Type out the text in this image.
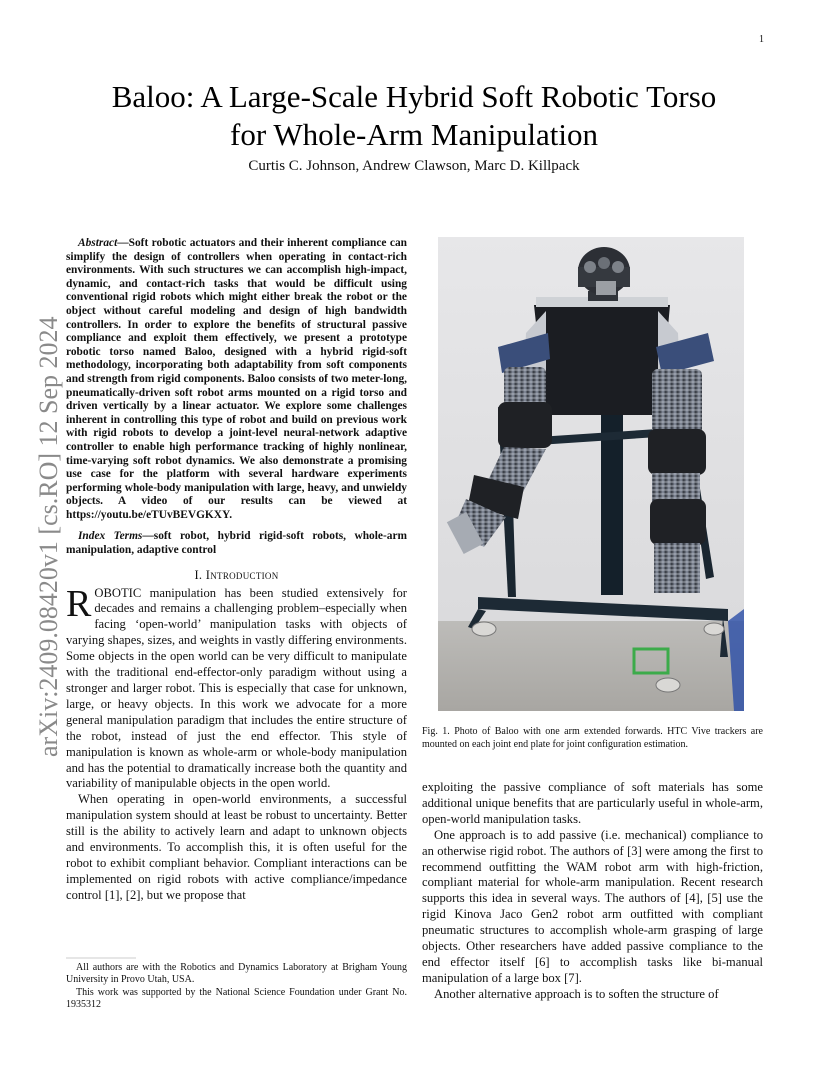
1
arXiv:2409.08420v1 [cs.RO] 12 Sep 2024
Baloo: A Large-Scale Hybrid Soft Robotic Torso
for Whole-Arm Manipulation
Curtis C. Johnson, Andrew Clawson, Marc D. Killpack

Abstract—Soft robotic actuators and their inherent compliance can simplify the design of controllers when operating in contact-rich environments. With such structures we can accomplish high-impact, dynamic, and contact-rich tasks that would be difficult using conventional rigid robots which might either break the robot or the object without careful modeling and design of high bandwidth controllers. In order to explore the benefits of structural passive compliance and exploit them effectively, we present a prototype robotic torso named Baloo, designed with a hybrid rigid-soft methodology, incorporating both adaptability from soft components and strength from rigid components. Baloo consists of two meter-long, pneumatically-driven soft robot arms mounted on a rigid torso and driven vertically by a linear actuator. We explore some challenges inherent in controlling this type of robot and build on previous work with rigid robots to develop a joint-level neural-network adaptive controller to enable high performance tracking of highly nonlinear, time-varying soft robot dynamics. We also demonstrate a promising use case for the platform with several hardware experiments performing whole-body manipulation with large, heavy, and unwieldy objects. A video of our results can be viewed at https://youtu.be/eTUvBEVGKXY.

Index Terms—soft robot, hybrid rigid-soft robots, whole-arm manipulation, adaptive control

I. Introduction

ROBOTIC manipulation has been studied extensively for decades and remains a challenging problem–especially when facing ‘open-world’ manipulation tasks with objects of varying shapes, sizes, and weights in vastly differing environments. Some objects in the open world can be very difficult to manipulate with the traditional end-effector-only paradigm without using a stronger and larger robot. This is especially that case for unknown, large, or heavy objects. In this work we advocate for a more general manipulation paradigm that includes the entire structure of the robot, instead of just the end effector. This style of manipulation is known as whole-arm or whole-body manipulation and has the potential to dramatically increase both the quantity and variability of manipulable objects in the open world.

When operating in open-world environments, a successful manipulation system should at least be robust to uncertainty. Better still is the ability to actively learn and adapt to unknown objects and environments. To accomplish this, it is often useful for the robot to exhibit compliant behavior. Compliant interactions can be implemented on rigid robots with active compliance/impedance control [1], [2], but we propose that

All authors are with the Robotics and Dynamics Laboratory at Brigham Young University in Provo Utah, USA.

This work was supported by the National Science Foundation under Grant No. 1935312

Fig. 1. Photo of Baloo with one arm extended forwards. HTC Vive trackers are mounted on each joint end plate for joint configuration estimation.

exploiting the passive compliance of soft materials has some additional unique benefits that are particularly useful in whole-arm, open-world manipulation tasks.

One approach is to add passive (i.e. mechanical) compliance to an otherwise rigid robot. The authors of [3] were among the first to recommend outfitting the WAM robot arm with high-friction, compliant material for whole-arm manipulation. Recent research supports this idea in several ways. The authors of [4], [5] use the rigid Kinova Jaco Gen2 robot arm outfitted with compliant pneumatic structures to accomplish whole-arm grasping of large objects. Other researchers have added passive compliance to the end effector itself [6] to accomplish tasks like bi-manual manipulation of a large box [7].

Another alternative approach is to soften the structure of
